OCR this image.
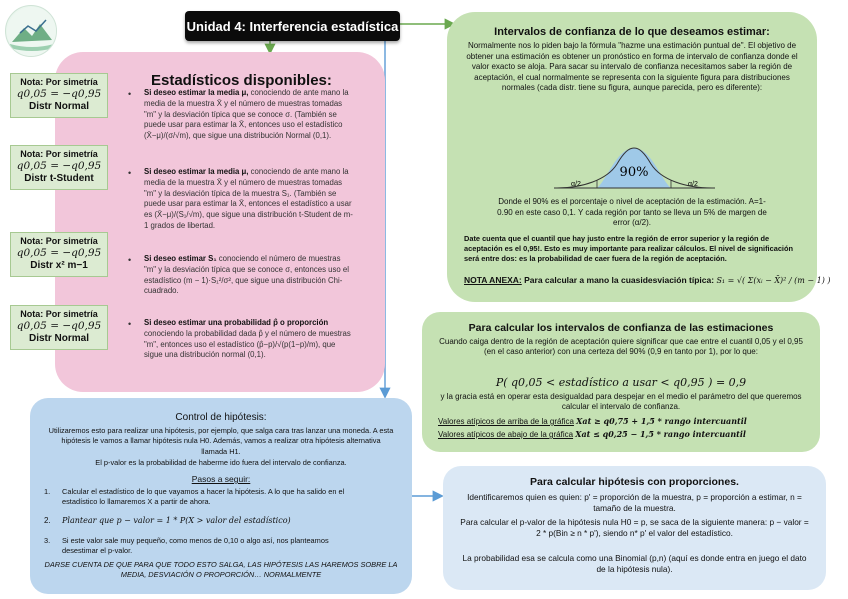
Unidad 4: Interferencia estadística
Estadísticos disponibles:
Nota: Por simetría
q0,05 = −q0,95
Distr Normal
Nota: Por simetría
q0,05 = −q0,95
Distr t-Student
Nota: Por simetría
q0,05 = −q0,95
Distr x² m−1
Nota: Por simetría
q0,05 = −q0,95
Distr Normal
• Si deseo estimar la media μ, conociendo de ante mano la media de la muestra X̄ y el número de muestras tomadas "m" y la desviación típica que se conoce σ. (También se puede usar para estimar la X̄, entonces uso el estadístico (X̄−μ)/(σ/√m), que sigue una distribución Normal (0,1).
• Si deseo estimar la media μ, conociendo de ante mano la media de la muestra X̄ y el número de muestras tomadas "m" y la desviación típica de la muestra S₁. (También se puede usar para estimar la X̄, entonces el estadístico a usar es (X̄−μ)/(S₁/√m), que sigue una distribución t-Student de m-1 grados de libertad.
• Si deseo estimar S₁ conociendo el número de muestras "m" y la desviación típica que se conoce σ, entonces uso el estadístico (m − 1)·S₁²/σ², que sigue una distribución Chi-cuadrado.
• Si deseo estimar una probabilidad p̂ o proporción conociendo la probabilidad dada p̂ y el número de muestras "m", entonces uso el estadístico (p̂−p)/√(p(1−p)/m), que sigue una distribución normal (0,1).
Intervalos de confianza de lo que deseamos estimar:
Normalmente nos lo piden bajo la fórmula "hazme una estimación puntual de". El objetivo de obtener una estimación es obtener un pronóstico en forma de intervalo de confianza donde el valor exacto se aloja. Para sacar su intervalo de confianza necesitamos saber la región de aceptación, el cual normalmente se representa con la siguiente figura para distribuciones normales (cada distr. tiene su figura, aunque parecida, pero es diferente):
90%
α/2	α/2
Donde el 90% es el porcentaje o nivel de aceptación de la estimación. A=1-0.90 en este caso 0,1. Y cada región por tanto se lleva un 5% de margen de error (α/2).
Date cuenta que el cuantil que hay justo entre la región de error superior y la región de aceptación es el 0,95!. Esto es muy importante para realizar cálculos. El nivel de significación será entre dos: es la probabilidad de caer fuera de la región de aceptación.
NOTA ANEXA: Para calcular a mano la cuasidesviación típica: S₁ = √( Σ(xᵢ − X̄)² / (m − 1) )
Para calcular los intervalos de confianza de las estimaciones
Cuando caiga dentro de la región de aceptación quiere significar que cae entre el cuantil 0,05 y el 0,95 (en el caso anterior) con una certeza del 90% (0,9 en tanto por 1), por lo que:
P( q0,05 < estadístico a usar < q0,95 ) = 0,9
y la gracia está en operar esta desigualdad para despejar en el medio el parámetro del que queremos calcular el intervalo de confianza.
Valores atípicos de arriba de la gráfica Xat ≥ q0,75 + 1,5 * rango intercuantil
Valores atípicos de abajo de la gráfica Xat ≤ q0,25 − 1,5 * rango intercuantil
Control de hipótesis:
Utilizaremos esto para realizar una hipótesis, por ejemplo, que salga cara tras lanzar una moneda. A esta hipótesis le vamos a llamar hipótesis nula H0. Además, vamos a realizar otra hipótesis alternativa llamada H1.
El p-valor es la probabilidad de haberme ido fuera del intervalo de confianza.
Pasos a seguir:
1. Calcular el estadístico de lo que vayamos a hacer la hipótesis. A lo que ha salido en el estadístico lo llamaremos X a partir de ahora.
2. Plantear que p − valor = 1 * P(X > valor del estadístico)
3. Si este valor sale muy pequeño, como menos de 0,10 o algo así, nos planteamos desestimar el p-valor.
DARSE CUENTA DE QUE PARA QUE TODO ESTO SALGA, LAS HIPÓTESIS LAS HAREMOS SOBRE LA MEDIA, DESVIACIÓN O PROPORCIÓN… NORMALMENTE
Para calcular hipótesis con proporciones.
Identificaremos quien es quien: p' = proporción de la muestra, p = proporción a estimar, n = tamaño de la muestra.
Para calcular el p-valor de la hipótesis nula H0 = p, se saca de la siguiente manera: p − valor = 2 * p(Bin ≥ n * p'), siendo n* p' el valor del estadístico.
La probabilidad esa se calcula como una Binomial (p,n) (aquí es donde entra en juego el dato de la hipótesis nula).
